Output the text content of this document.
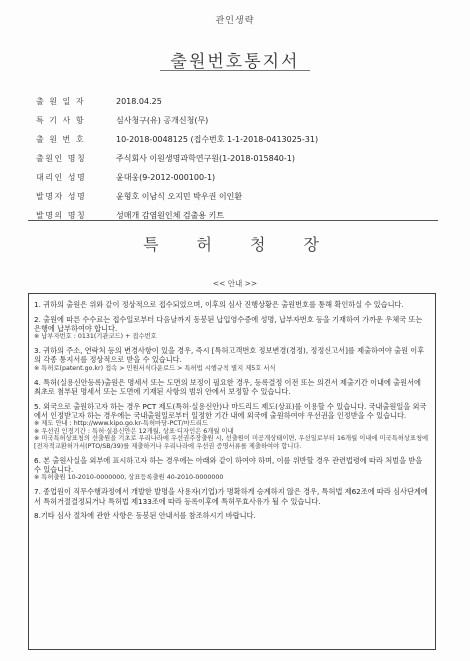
관인생략
출원번호통지서
출 원 일 자	2018.04.25
특 기 사 항	심사청구(유) 공개신청(무)
출 원 번 호	10-2018-0048125 (접수번호 1-1-2018-0413025-31)
출원인 명칭	주식회사 이원생명과학연구원(1-2018-015840-1)
대리인 성명	윤대웅(9-2012-000100-1)
발명자 성명	윤형호 이남식 오지민 박우권 이인환
발명의 명칭	성매개 감염원인체 검출용 키트
특허청장
<< 안내 >>
1. 귀하의 출원은 위와 같이 정상적으로 접수되었으며, 이후의 심사 진행상황은 출원번호를 통해 확인하실 수 있습니다.
2. 출원에 따른 수수료는 접수일로부터 다음날까지 동봉된 납입영수증에 성명, 납부자번호 등을 기재하여 가까운 우체국 또는 은행에 납부하여야 합니다.
※ 납부자번호 : 0131(기관코드) + 접수번호
3. 귀하의 주소, 연락처 등의 변경사항이 있을 경우, 즉시 [특허고객번호 정보변경(경정), 정정신고서]를 제출하여야 출원 이후의 각종 통지서를 정상적으로 받을 수 있습니다.
※ 특허로(patent.go.kr) 접속 > 민원서식다운로드 > 특허법 시행규칙 별지 제5호 서식
4. 특허(실용신안등록)출원은 명세서 또는 도면의 보정이 필요한 경우, 등록결정 이전 또는 의견서 제출기간 이내에 출원서에 최초로 첨부된 명세서 또는 도면에 기재된 사항의 범위 안에서 보정할 수 있습니다.
5. 외국으로 출원하고자 하는 경우 PCT 제도(특허·실용신안)나 마드리드 제도(상표)를 이용할 수 있습니다. 국내출원일을 외국에서 인정받고자 하는 경우에는 국내출원일로부터 일정한 기간 내에 외국에 출원하여야 우선권을 인정받을 수 있습니다.
※ 제도 안내 : http://www.kipo.go.kr-특허마당-PCT/마드리드
※ 우선권 인정기간 : 특허·실용신안은 12개월, 상표·디자인은 6개월 이내
※ 미국특허상표청의 선출원을 기초로 우리나라에 우선권주장출원 시, 선출원이 미공개상태이면, 우선일로부터 16개월 이내에 미국특허상표청에 [전자적교환허가서(PTO/SB/39)를 제출하거나 우리나라에 우선권 증명서류를 제출하여야 합니다.
6. 본 출원사실을 외부에 표시하고자 하는 경우에는 아래와 같이 하여야 하며, 이를 위반할 경우 관련법령에 따라 처벌을 받을 수 있습니다.
※ 특허출원 10-2010-0000000, 상표등록출원 40-2010-0000000
7. 종업원이 직무수행과정에서 개발한 발명을 사용자(기업)가 명확하게 승계하지 않은 경우, 특허법 제62조에 따라 심사단계에서 특허거절결정되거나 특허법 제133조에 따라 등록이후에 특허무효사유가 될 수 있습니다.
8.기타 심사 절차에 관한 사항은 동봉된 안내서를 참조하시기 바랍니다.
